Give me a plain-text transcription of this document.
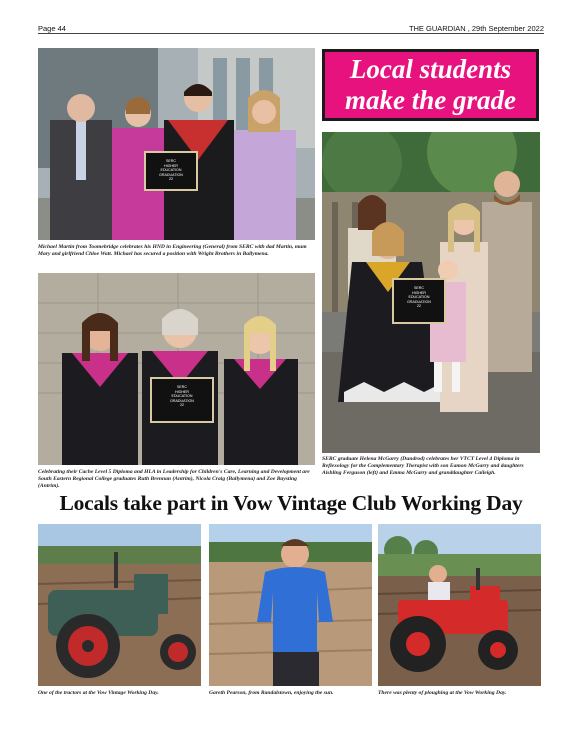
Page 44	THE GUARDIAN , 29th September 2022
SERC
HIGHER
EDUCATION
GRADUATION
22
Michael Martin from Toomebridge celebrates his HND in Engineering (General) from SERC with dad Martin, mum Mary and girlfriend Chloe Watt. Michael has secured a position with Wright Brothers in Ballymena.
Local students
make the grade
SERC
HIGHER
EDUCATION
GRADUATION
22
Celebrating their Cache Level 5 Diploma and HLA in Leadership for Children's Care, Learning and Development are South Eastern Regional College graduates Ruth Brennan (Antrim), Nicola Craig (Ballymena) and Zoe Baysting (Antrim).
SERC
HIGHER
EDUCATION
GRADUATION
22
SERC graduate Helena McGarry (Dundrod) celebrates her VTCT Level 4 Diploma in Reflexology for the Complementary Therapist with son Eamon McGarry and daughters Aishling Ferguson (left) and Emma McGarry and granddaughter Caileigh.
Locals take part in Vow Vintage Club Working Day
One of the tractors at the Vow Vintage Working Day.	Gareth Pearson, from Randalstown, enjoying the sun.	There was plenty of ploughing at the Vow Working Day.
